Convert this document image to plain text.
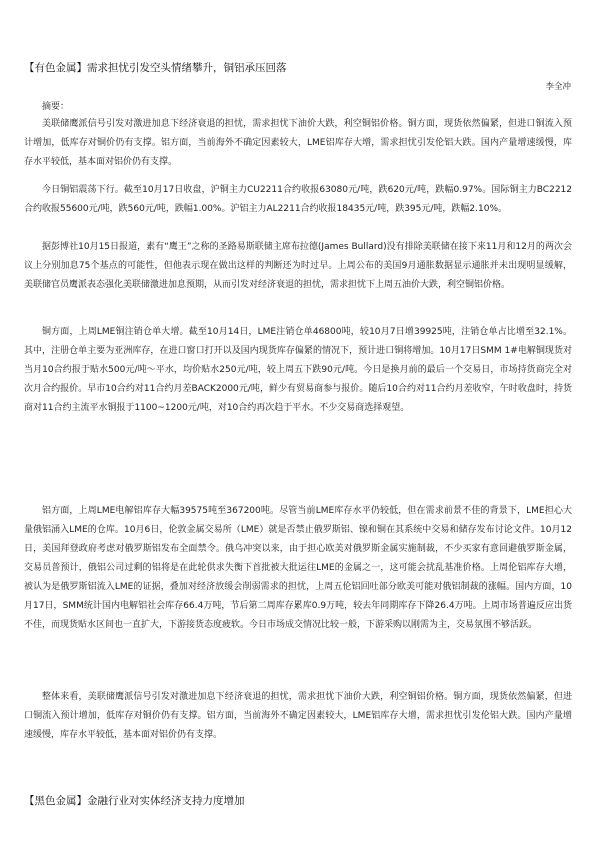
【有色金属】需求担忧引发空头情绪攀升，铜铝承压回落
李全冲
摘要：

美联储鹰派信号引发对激进加息下经济衰退的担忧，需求担忧下油价大跌，利空铜铝价格。铜方面，现货依然偏紧，但进口铜流入预计增加，低库存对铜价仍有支撑。铝方面，当前海外不确定因素较大，LME铝库存大增，需求担忧引发伦铝大跌。国内产量增速缓慢，库存水平较低，基本面对铝价仍有支撑。

今日铜铝震荡下行。截至10月17日收盘，沪铜主力CU2211合约收报63080元/吨，跌620元/吨，跌幅0.97%。国际铜主力BC2212合约收报55600元/吨，跌560元/吨，跌幅1.00%。沪铝主力AL2211合约收报18435元/吨，跌395元/吨，跌幅2.10%。

据彭博社10月15日报道，素有“鹰王”之称的圣路易斯联储主席布拉德(James Bullard)没有排除美联储在接下来11月和12月的两次会议上分别加息75个基点的可能性，但他表示现在做出这样的判断还为时过早。上周公布的美国9月通胀数据显示通胀并未出现明显缓解，美联储官员鹰派表态强化美联储激进加息预期，从而引发对经济衰退的担忧，需求担忧下上周五油价大跌，利空铜铝价格。

铜方面，上周LME铜注销仓单大增。截至10月14日，LME注销仓单46800吨，较10月7日增39925吨，注销仓单占比增至32.1%。其中，注册仓单主要为亚洲库存，在进口窗口打开以及国内现货库存偏紧的情况下，预计进口铜将增加。10月17日SMM 1#电解铜现货对当月10合约报于贴水500元/吨～平水，均价贴水250元/吨，较上周五下跌90元/吨。今日是换月前的最后一个交易日，市场持货商完全对次月合约报价。早市10合约对11合约月差BACK2000元/吨，鲜少有贸易商参与报价。随后10合约对11合约月差收窄，午时收盘时，持货商对11合约主流平水铜报于1100~1200元/吨，对10合约再次趋于平水。不少交易商选择观望。

铝方面，上周LME电解铝库存大幅39575吨至367200吨。尽管当前LME库存水平仍较低，但在需求前景不佳的背景下，LME担心大量俄铝涌入LME的仓库。10月6日，伦敦金属交易所（LME）就是否禁止俄罗斯铝、镍和铜在其系统中交易和储存发布讨论文件。10月12日，美国拜登政府考虑对俄罗斯铝发布全面禁令。俄乌冲突以来，由于担心欧美对俄罗斯金属实施制裁，不少买家有意回避俄罗斯金属，交易员普预计，俄铝公司过剩的铝将是在此轮供求失衡下首批被大批运往LME的金属之一，这可能会扰乱基准价格。上周伦铝库存大增，被认为是俄罗斯铝流入LME的证据，叠加对经济放缓会削弱需求的担忧，上周五伦铝回吐部分欧美可能对俄铝制裁的涨幅。国内方面，10月17日，SMM统计国内电解铝社会库存66.4万吨，节后第二周库存累库0.9万吨，较去年同期库存下降26.4万吨。上周市场普遍反应出货不佳，而现货贴水区间也一直扩大，下游接货态度疲软。今日市场成交情况比较一般，下游采购以刚需为主，交易氛围不够活跃。

整体来看，美联储鹰派信号引发对激进加息下经济衰退的担忧，需求担忧下油价大跌，利空铜铝价格。铜方面，现货依然偏紧，但进口铜流入预计增加，低库存对铜价仍有支撑。铝方面，当前海外不确定因素较大，LME铝库存大增，需求担忧引发伦铝大跌。国内产量增速缓慢，库存水平较低，基本面对铝价仍有支撑。

【黑色金属】金融行业对实体经济支持力度增加
